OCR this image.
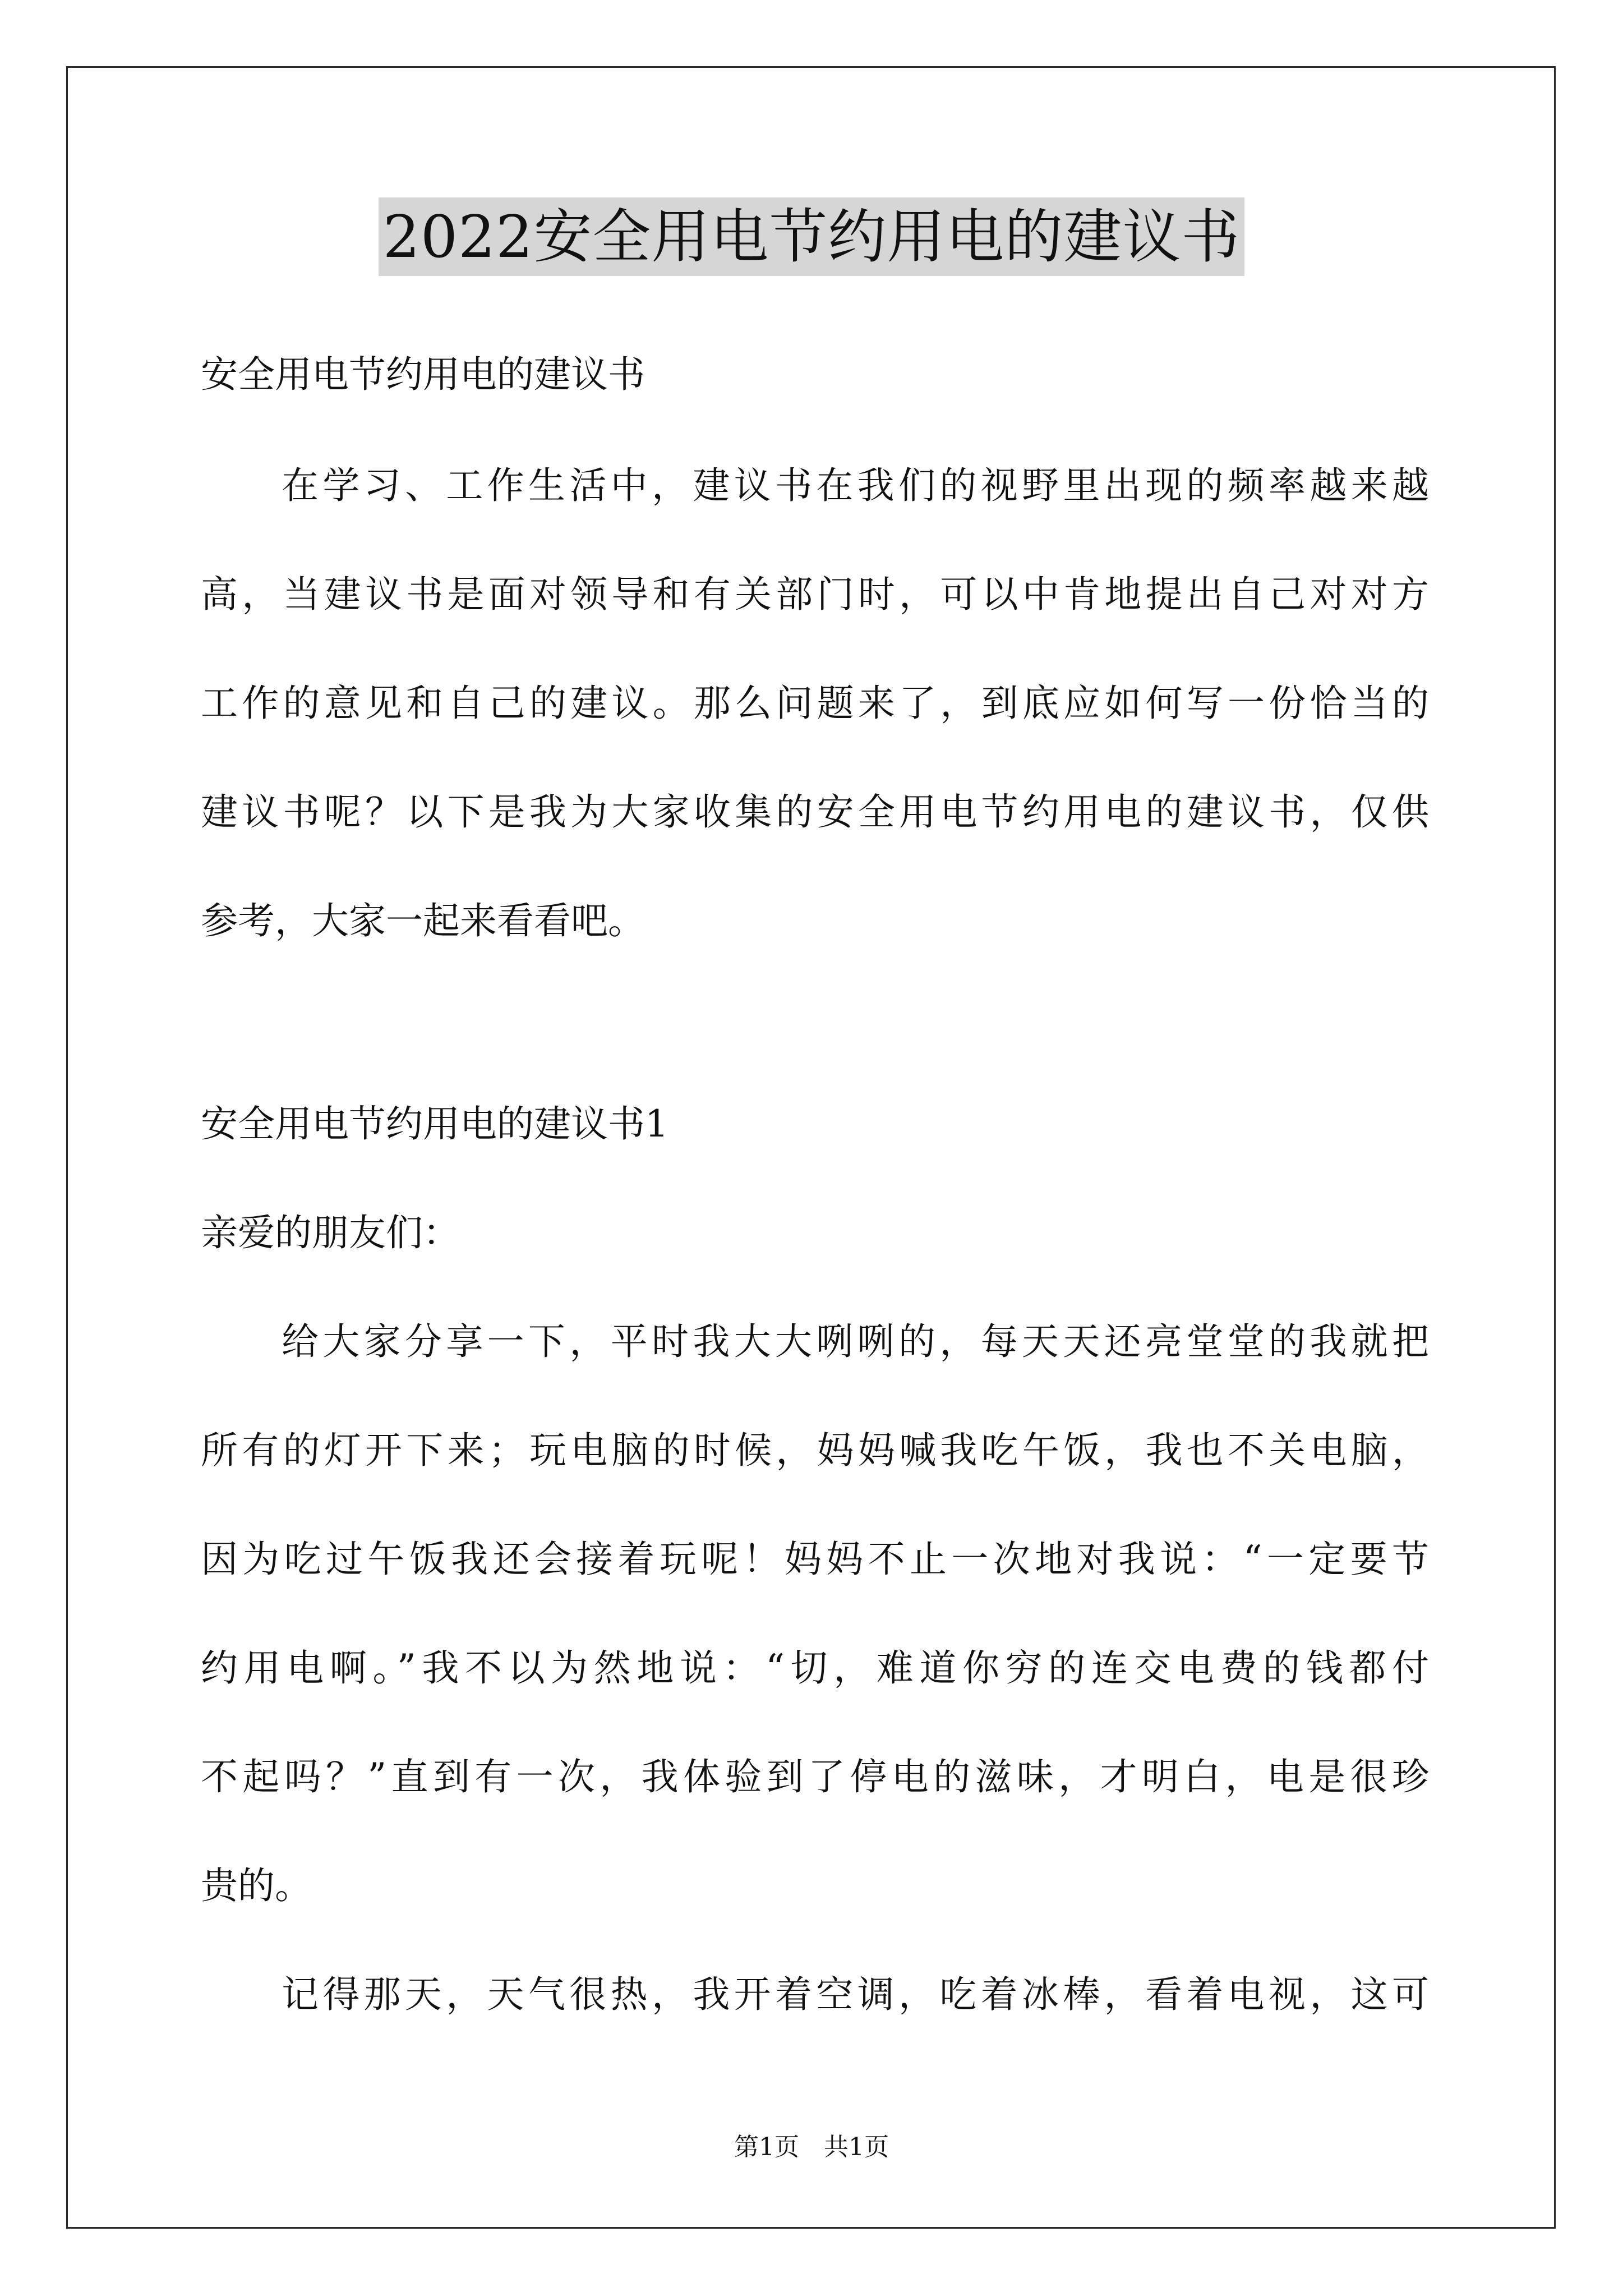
2022安全用电节约用电的建议书
安全用电节约用电的建议书
在学习、工作生活中，建议书在我们的视野里出现的频率越来越
高，当建议书是面对领导和有关部门时，可以中肯地提出自己对对方
工作的意见和自己的建议。那么问题来了，到底应如何写一份恰当的
建议书呢？以下是我为大家收集的安全用电节约用电的建议书，仅供
参考，大家一起来看看吧。
安全用电节约用电的建议书1
亲爱的朋友们：
给大家分享一下，平时我大大咧咧的，每天天还亮堂堂的我就把
所有的灯开下来；玩电脑的时候，妈妈喊我吃午饭，我也不关电脑，
因为吃过午饭我还会接着玩呢！妈妈不止一次地对我说：“一定要节
约用电啊。”我不以为然地说：“切，难道你穷的连交电费的钱都付
不起吗？”直到有一次，我体验到了停电的滋味，才明白，电是很珍
贵的。
记得那天，天气很热，我开着空调，吃着冰棒，看着电视，这可
第1页　共1页
